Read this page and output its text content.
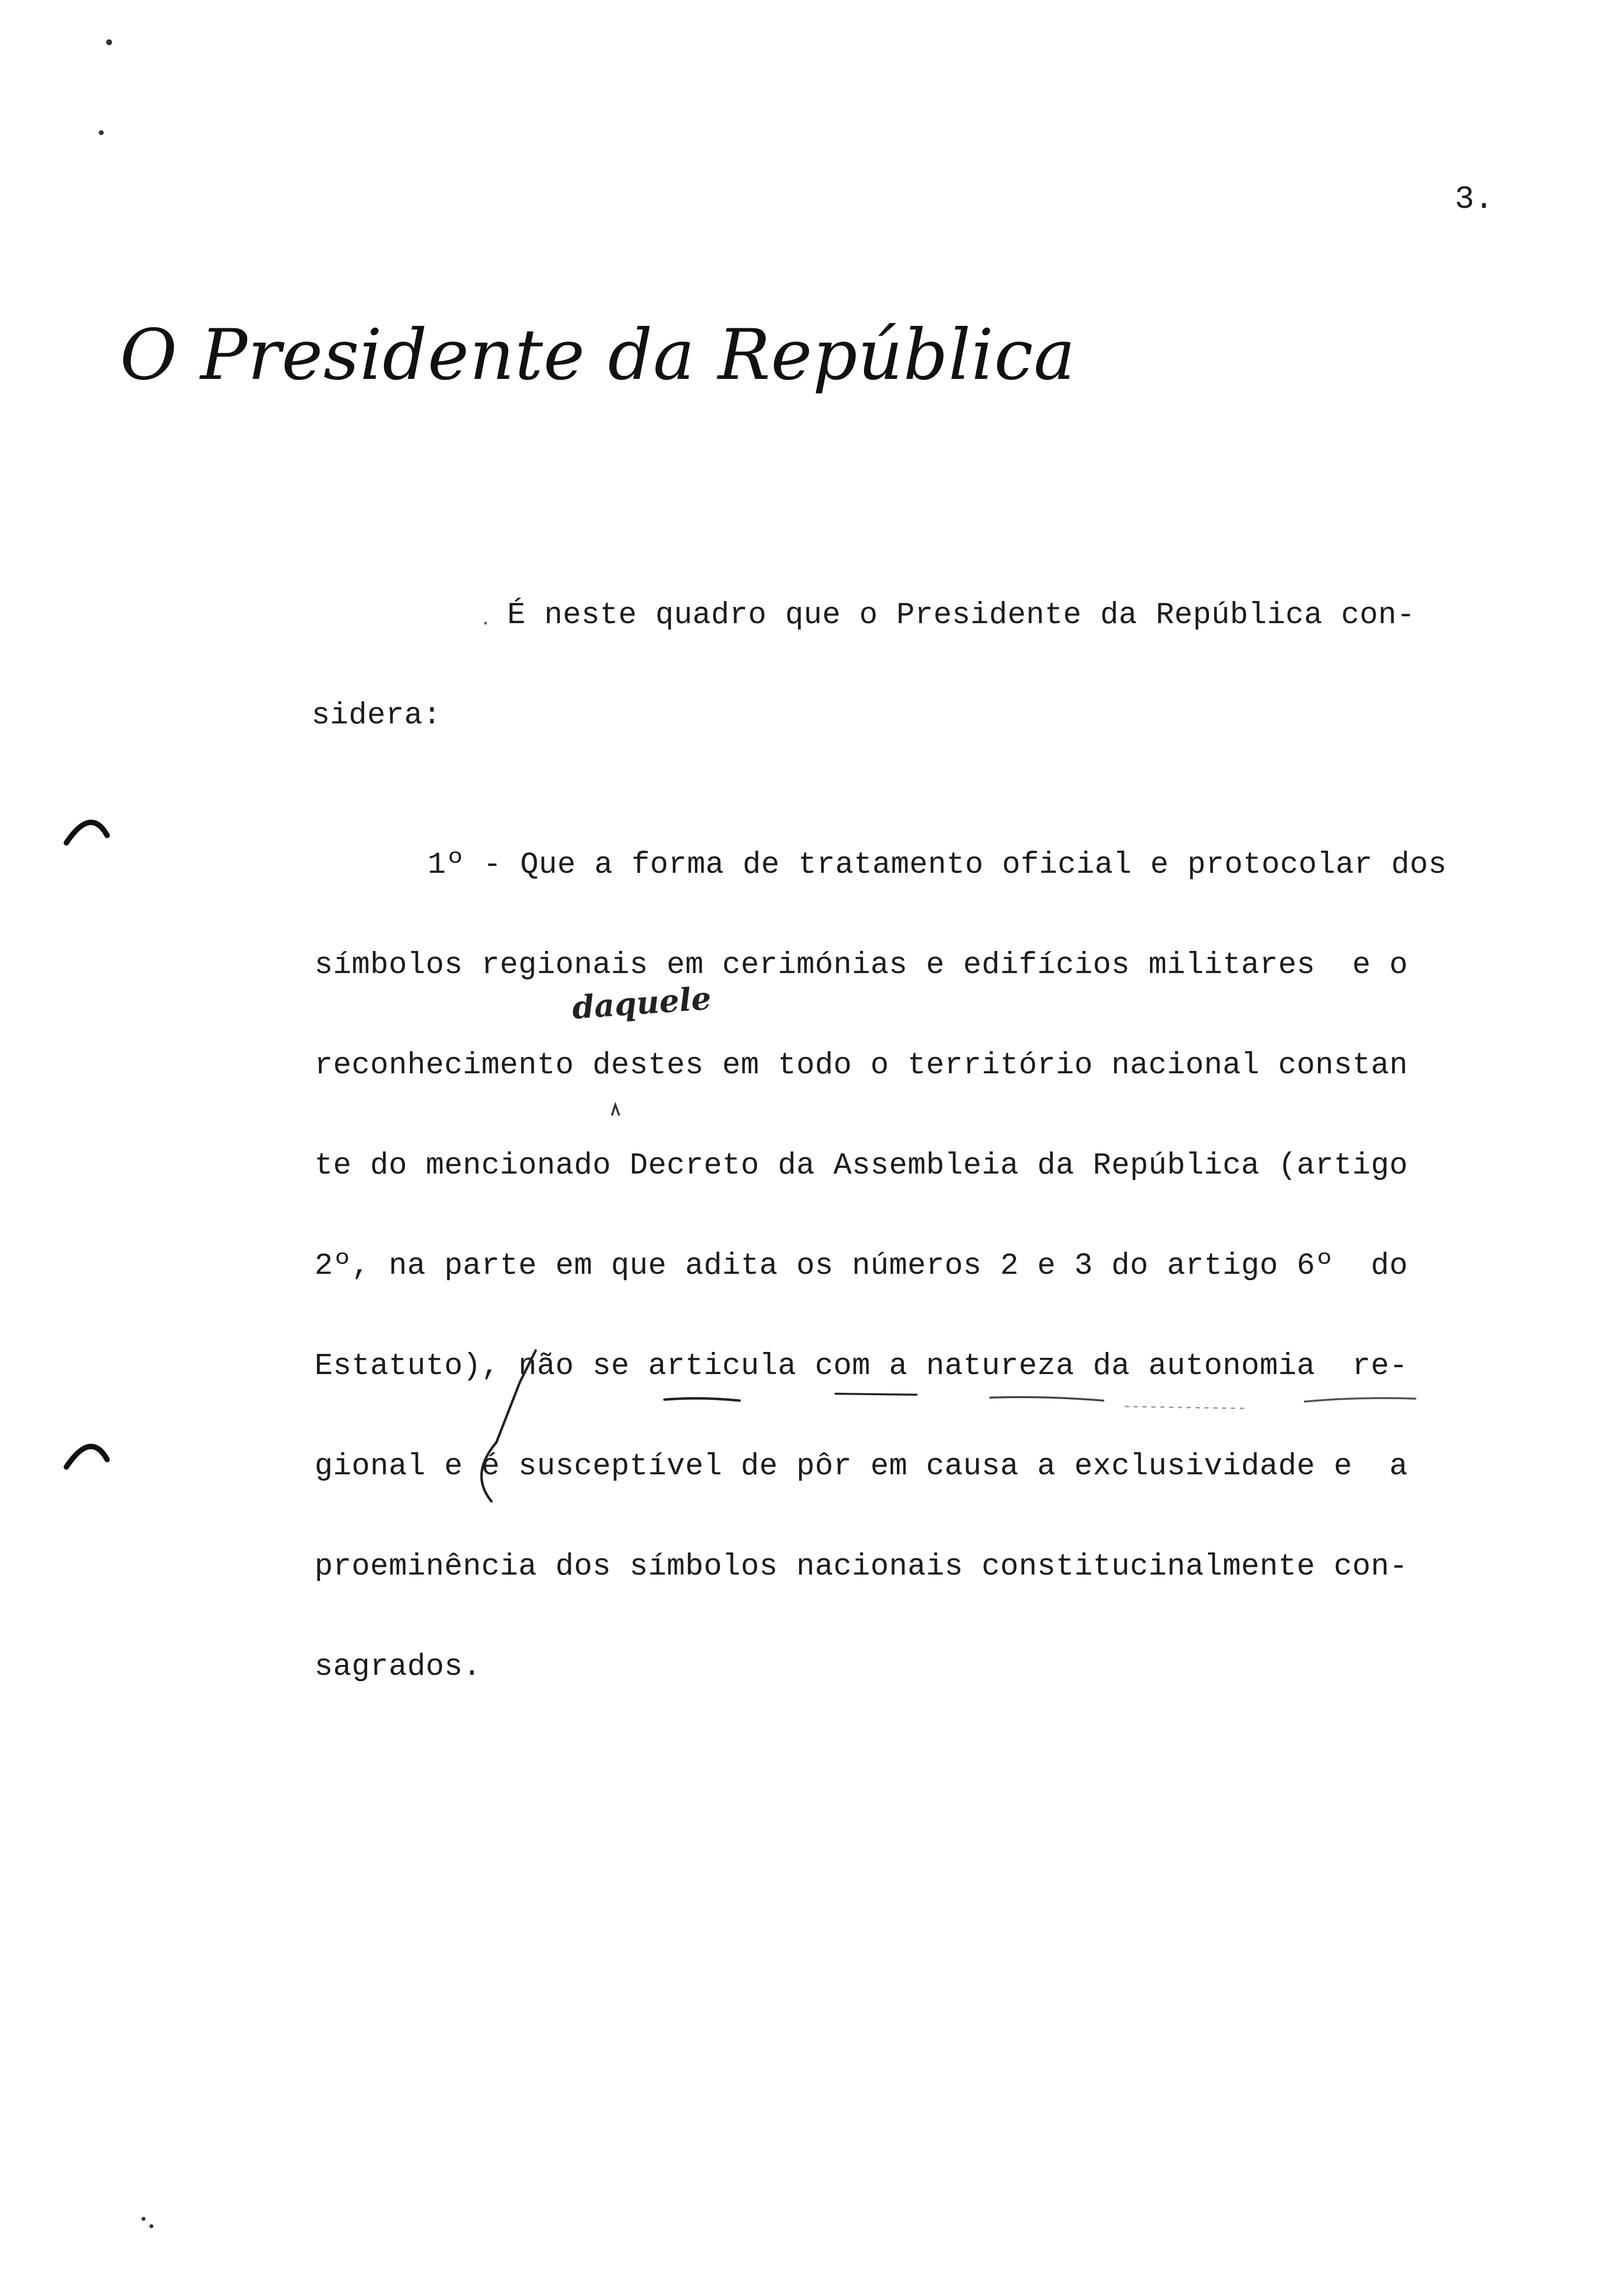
3.
O Presidente da República

É neste quadro que o Presidente da República con-

sidera:

1º - Que a forma de tratamento oficial e protocolar dos

símbolos regionais em cerimónias e edifícios militares  e o

reconhecimento destes em todo o território nacional constan

te do mencionado Decreto da Assembleia da República (artigo

2º, na parte em que adita os números 2 e 3 do artigo 6º  do

Estatuto), não se articula com a natureza da autonomia  re-

gional e é susceptível de pôr em causa a exclusividade e  a

proeminência dos símbolos nacionais constitucinalmente con-

sagrados.

daquele
